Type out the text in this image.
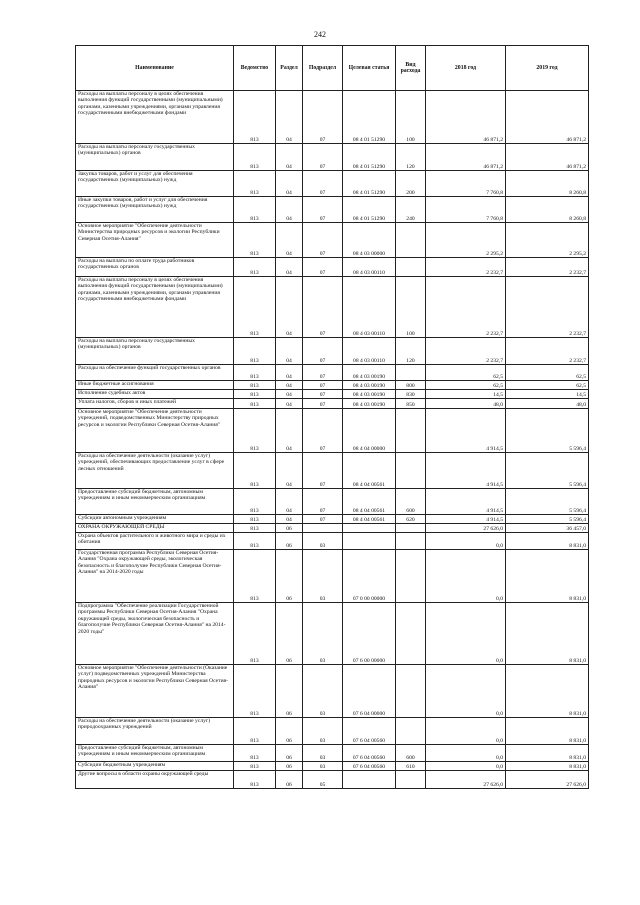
242
Наименование	Ведомство	Раздел	Подраздел	Целевая статья	Вид расхода	2018 год	2019 год
Расходы на выплаты персоналу в целях обеспечения выполнения функций государственными (муниципальными) органами, казенными учреждениями, органами управления государственными внебюджетными фондами	813	04	07	08 4 01 51290	100	46 871,2	46 871,2
Расходы на выплаты персоналу государственных (муниципальных) органов	813	04	07	08 4 01 51290	120	46 871,2	46 871,2
Закупка товаров, работ и услуг для обеспечения государственных (муниципальных) нужд	813	04	07	08 4 01 51290	200	7 760,8	8 260,8
Иные закупки товаров, работ и услуг для обеспечения государственных (муниципальных) нужд	813	04	07	08 4 01 51290	240	7 760,8	8 260,8
Основное мероприятие "Обеспечение деятельности Министерства природных ресурсов и экологии Республики Северная Осетия-Алания"	813	04	07	08 4 03 00000		2 295,2	2 295,2
Расходы на выплаты по оплате труда работников государственных органов	813	04	07	08 4 03 00110		2 232,7	2 232,7
Расходы на выплаты персоналу в целях обеспечения выполнения функций государственными (муниципальными) органами, казенными учреждениями, органами управления государственными внебюджетными фондами	813	04	07	08 4 03 00110	100	2 232,7	2 232,7
Расходы на выплаты персоналу государственных (муниципальных) органов	813	04	07	08 4 03 00110	120	2 232,7	2 232,7
Расходы на обеспечение функций государственных органов	813	04	07	08 4 03 00190		62,5	62,5
Иные бюджетные ассигнования	813	04	07	08 4 03 00190	800	62,5	62,5
Исполнение судебных актов	813	04	07	08 4 03 00190	830	14,5	14,5
Уплата налогов, сборов и иных платежей	813	04	07	08 4 03 00190	850	48,0	48,0
Основное мероприятие "Обеспечение деятельности учреждений, подведомственных Министерству природных ресурсов и экологии Республики Северная Осетия-Алания"	813	04	07	08 4 04 00000		4 914,5	5 596,4
Расходы на обеспечение деятельности (оказание услуг) учреждений, обеспечивающих предоставление услуг в сфере лесных отношений	813	04	07	08 4 04 00561		4 914,5	5 596,4
Предоставление субсидий бюджетным, автономным учреждениям и иным некоммерческим организациям	813	04	07	08 4 04 00561	600	4 914,5	5 596,4
Субсидии автономным учреждениям	813	04	07	08 4 04 00561	620	4 914,5	5 596,4
ОХРАНА ОКРУЖАЮЩЕЙ СРЕДЫ	813	06				27 626,0	36 457,0
Охрана объектов растительного и животного мира и среды их обитания	813	06	03			0,0	8 831,0
Государственная программа Республики Северная Осетия-Алания "Охрана окружающей среды, экологическая безопасность и благополучие Республики Северная Осетия-Алания" на 2014-2020 годы	813	06	03	07 0 00 00000		0,0	8 831,0
Подпрограмма "Обеспечение реализации Государственной программы Республики Северная Осетия-Алания "Охрана окружающей среды, экологическая безопасность и благополучие Республики Северная Осетия-Алания" на 2014-2020 годы"	813	06	03	07 6 00 00000		0,0	8 831,0
Основное мероприятие "Обеспечение деятельности (Оказание услуг) подведомственных учреждений Министерства природных ресурсов и экологии Республики Северная Осетия-Алания"	813	06	03	07 6 04 00000		0,0	8 831,0
Расходы на обеспечение деятельности (оказание услуг) природоохранных учреждений	813	06	03	07 6 04 00560		0,0	8 831,0
Предоставление субсидий бюджетным, автономным учреждениям и иным некоммерческим организациям	813	06	03	07 6 04 00560	600	0,0	8 831,0
Субсидии бюджетным учреждениям	813	06	03	07 6 04 00560	610	0,0	8 831,0
Другие вопросы в области охраны окружающей среды	813	06	05			27 626,0	27 626,0
